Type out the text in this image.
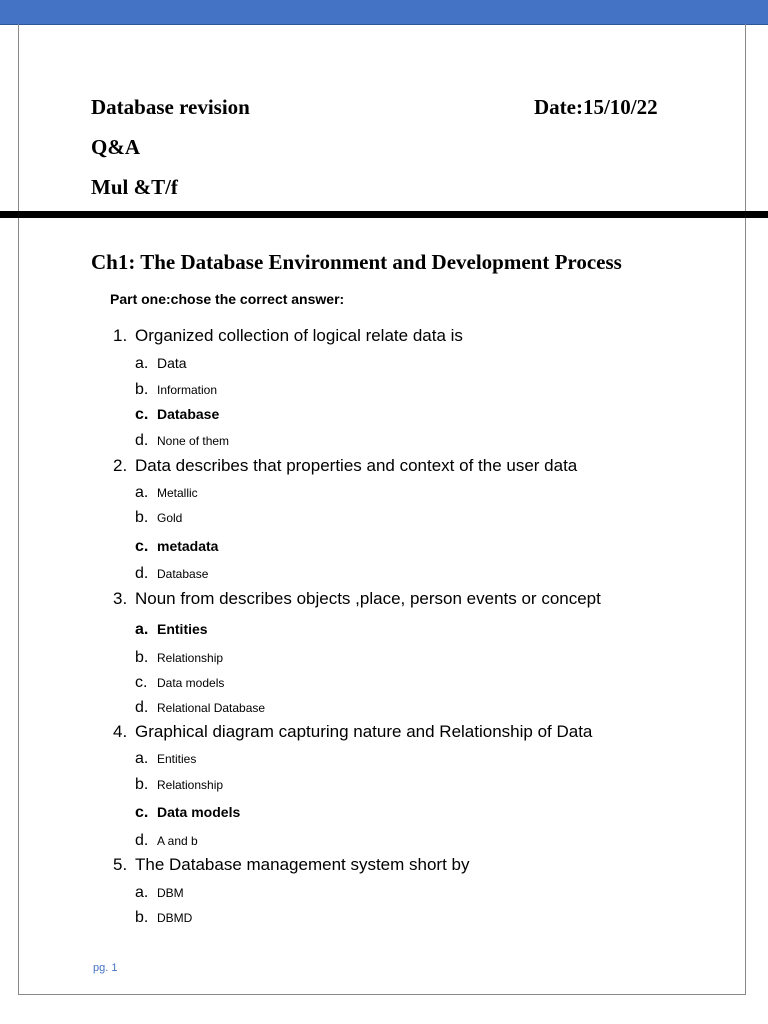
Database revision	Date:15/10/22
Q&A
Mul &T/f
Ch1: The Database Environment and Development Process
Part one:chose the correct answer:
1. Organized collection of logical relate data is
a. Data
b. Information
c. Database
d. None of them
2. Data describes that properties and context of the user data
a. Metallic
b. Gold
c. metadata
d. Database
3. Noun from describes objects ,place, person events or concept
a. Entities
b. Relationship
c. Data models
d. Relational Database
4. Graphical diagram capturing nature and Relationship of Data
a. Entities
b. Relationship
c. Data models
d. A and b
5. The Database management system short by
a. DBM
b. DBMD
pg. 1
